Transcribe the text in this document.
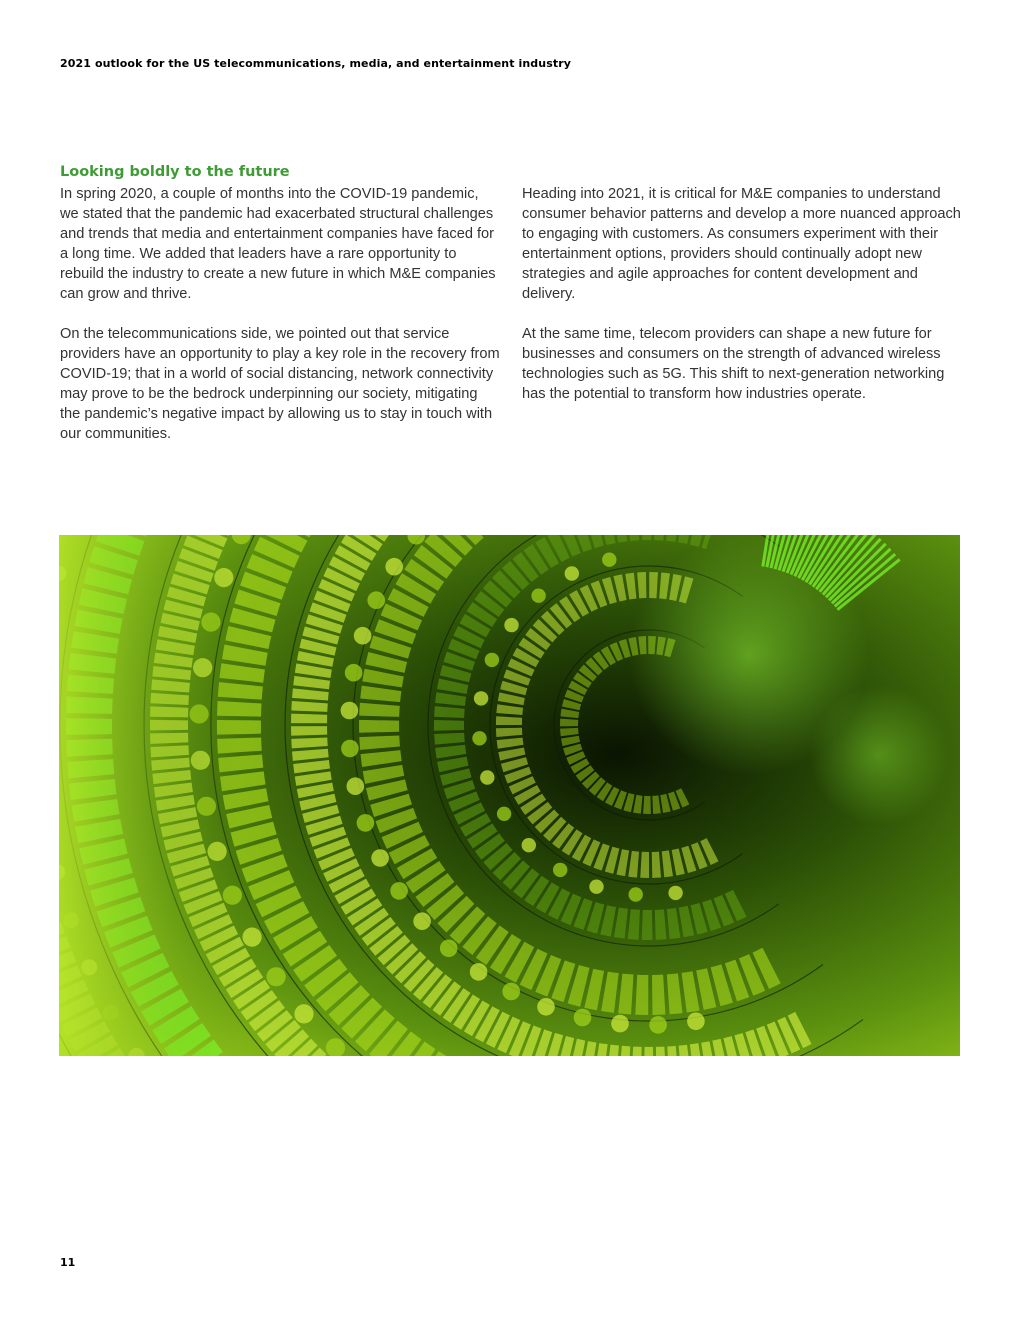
2021 outlook for the US telecommunications, media, and entertainment industry
Looking boldly to the future

In spring 2020, a couple of months into the COVID-19 pandemic, we stated that the pandemic had exacerbated structural challenges and trends that media and entertainment companies have faced for a long time. We added that leaders have a rare opportunity to rebuild the industry to create a new future in which M&E companies can grow and thrive.

On the telecommunications side, we pointed out that service providers have an opportunity to play a key role in the recovery from COVID-19; that in a world of social distancing, network connectivity may prove to be the bedrock underpinning our society, mitigating the pandemic’s negative impact by allowing us to stay in touch with our communities.

Heading into 2021, it is critical for M&E companies to understand consumer behavior patterns and develop a more nuanced approach to engaging with customers. As consumers experiment with their entertainment options, providers should continually adopt new strategies and agile approaches for content development and delivery.

At the same time, telecom providers can shape a new future for businesses and consumers on the strength of advanced wireless technologies such as 5G. This shift to next-generation networking has the potential to transform how industries operate.

11
